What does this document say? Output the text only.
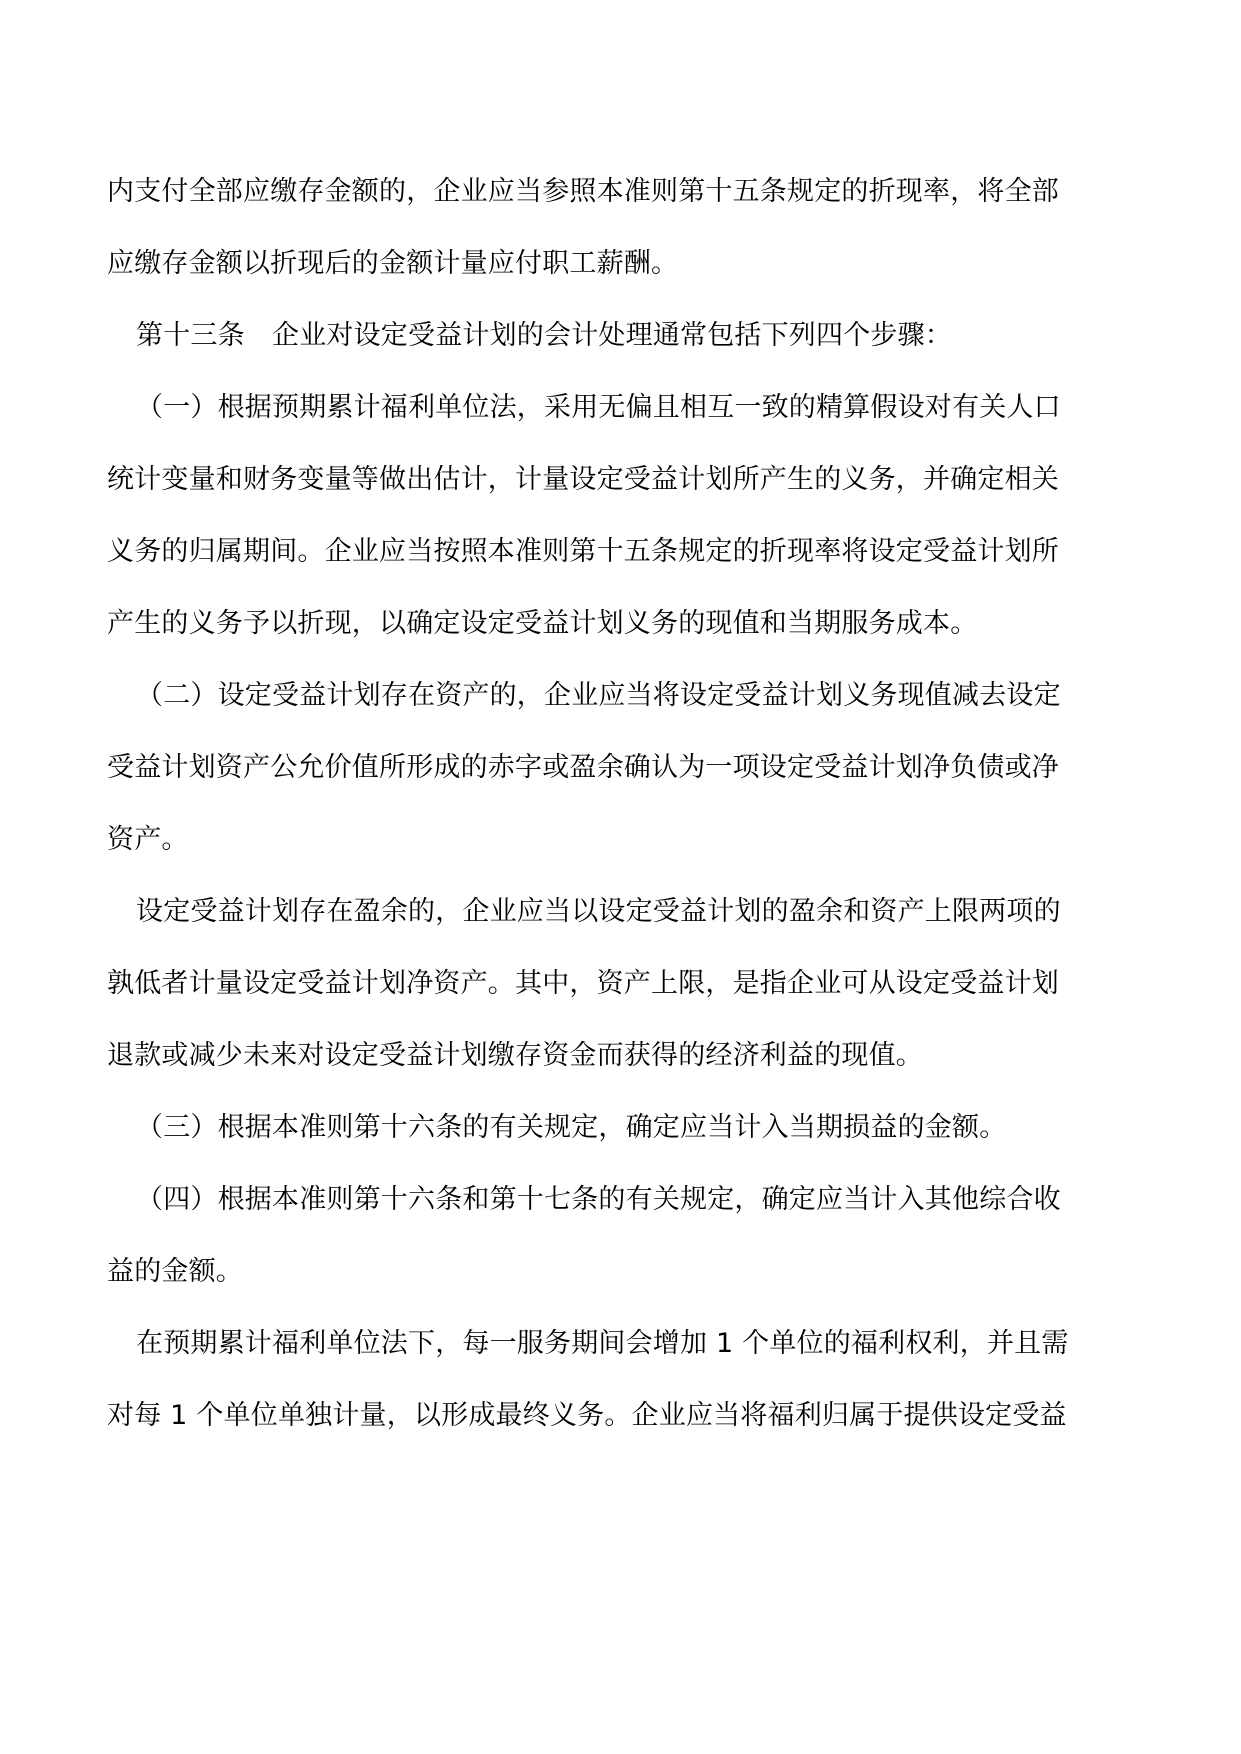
内支付全部应缴存金额的，企业应当参照本准则第十五条规定的折现率，将全部
应缴存金额以折现后的金额计量应付职工薪酬。
第十三条　企业对设定受益计划的会计处理通常包括下列四个步骤：
（一）根据预期累计福利单位法，采用无偏且相互一致的精算假设对有关人口
统计变量和财务变量等做出估计，计量设定受益计划所产生的义务，并确定相关
义务的归属期间。企业应当按照本准则第十五条规定的折现率将设定受益计划所
产生的义务予以折现，以确定设定受益计划义务的现值和当期服务成本。
（二）设定受益计划存在资产的，企业应当将设定受益计划义务现值减去设定
受益计划资产公允价值所形成的赤字或盈余确认为一项设定受益计划净负债或净
资产。
设定受益计划存在盈余的，企业应当以设定受益计划的盈余和资产上限两项的
孰低者计量设定受益计划净资产。其中，资产上限，是指企业可从设定受益计划
退款或减少未来对设定受益计划缴存资金而获得的经济利益的现值。
（三）根据本准则第十六条的有关规定，确定应当计入当期损益的金额。
（四）根据本准则第十六条和第十七条的有关规定，确定应当计入其他综合收
益的金额。
在预期累计福利单位法下，每一服务期间会增加 1 个单位的福利权利，并且需
对每 1 个单位单独计量，以形成最终义务。企业应当将福利归属于提供设定受益
